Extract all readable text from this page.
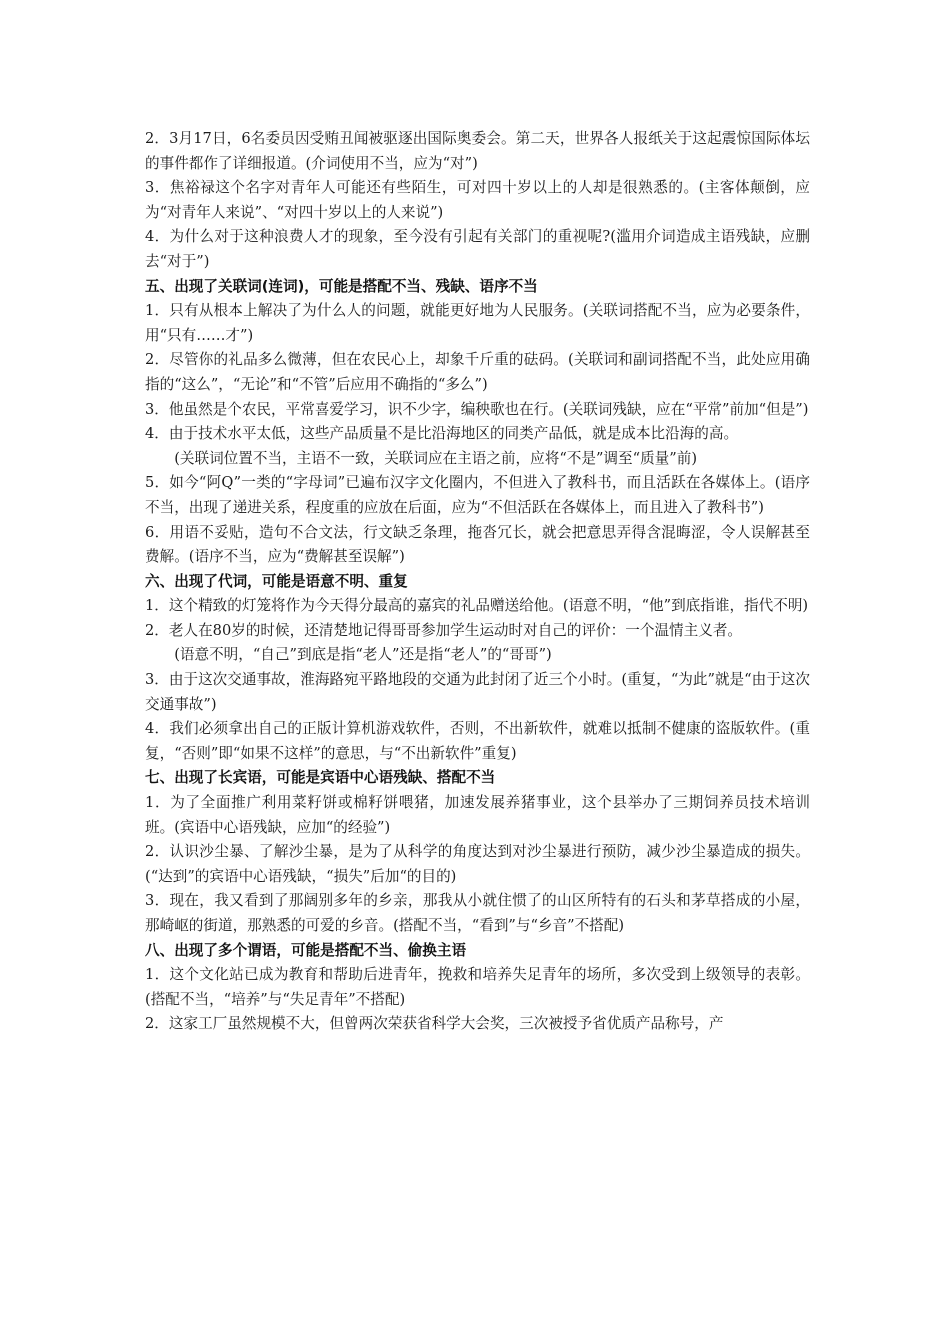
2．3月17日，6名委员因受贿丑闻被驱逐出国际奥委会。第二天，世界各人报纸关于这起震惊国际体坛的事件都作了详细报道。(介词使用不当，应为“对”)

3．焦裕禄这个名字对青年人可能还有些陌生，可对四十岁以上的人却是很熟悉的。(主客体颠倒，应为“对青年人来说”、“对四十岁以上的人来说”)

4．为什么对于这种浪费人才的现象，至今没有引起有关部门的重视呢?(滥用介词造成主语残缺，应删去“对于”)

五、出现了关联词(连词)，可能是搭配不当、残缺、语序不当

1．只有从根本上解决了为什么人的问题，就能更好地为人民服务。(关联词搭配不当，应为必要条件，用“只有……才”)

2．尽管你的礼品多么微薄，但在农民心上，却象千斤重的砝码。(关联词和副词搭配不当，此处应用确指的“这么”，“无论”和“不管”后应用不确指的“多么”)

3．他虽然是个农民，平常喜爱学习，识不少字，编秧歌也在行。(关联词残缺，应在“平常”前加“但是”)

4．由于技术水平太低，这些产品质量不是比沿海地区的同类产品低，就是成本比沿海的高。

(关联词位置不当，主语不一致，关联词应在主语之前，应将“不是”调至“质量”前)

5．如今“阿Q”一类的“字母词”已遍布汉字文化圈内，不但进入了教科书，而且活跃在各媒体上。(语序不当，出现了递进关系，程度重的应放在后面，应为“不但活跃在各媒体上，而且进入了教科书”)

6．用语不妥贴，造句不合文法，行文缺乏条理，拖沓冗长，就会把意思弄得含混晦涩，令人误解甚至费解。(语序不当，应为“费解甚至误解”)

六、出现了代词，可能是语意不明、重复

1．这个精致的灯笼将作为今天得分最高的嘉宾的礼品赠送给他。(语意不明，“他”到底指谁，指代不明)

2．老人在80岁的时候，还清楚地记得哥哥参加学生运动时对自己的评价：一个温情主义者。

(语意不明，“自己”到底是指“老人”还是指“老人”的“哥哥”)

3．由于这次交通事故，淮海路宛平路地段的交通为此封闭了近三个小时。(重复，“为此”就是“由于这次交通事故”)

4．我们必须拿出自己的正版计算机游戏软件，否则，不出新软件，就难以抵制不健康的盗版软件。(重复，“否则”即“如果不这样”的意思，与“不出新软件”重复)

七、出现了长宾语，可能是宾语中心语残缺、搭配不当

1．为了全面推广利用菜籽饼或棉籽饼喂猪，加速发展养猪事业，这个县举办了三期饲养员技术培训班。(宾语中心语残缺，应加“的经验”)

2．认识沙尘暴、了解沙尘暴，是为了从科学的角度达到对沙尘暴进行预防，减少沙尘暴造成的损失。(“达到”的宾语中心语残缺，“损失”后加“的目的)

3．现在，我又看到了那阔别多年的乡亲，那我从小就住惯了的山区所特有的石头和茅草搭成的小屋，那崎岖的街道，那熟悉的可爱的乡音。(搭配不当，“看到”与“乡音”不搭配)

八、出现了多个谓语，可能是搭配不当、偷换主语

1．这个文化站已成为教育和帮助后进青年，挽救和培养失足青年的场所，多次受到上级领导的表彰。(搭配不当，“培养”与“失足青年”不搭配)

2．这家工厂虽然规模不大，但曾两次荣获省科学大会奖，三次被授予省优质产品称号，产
